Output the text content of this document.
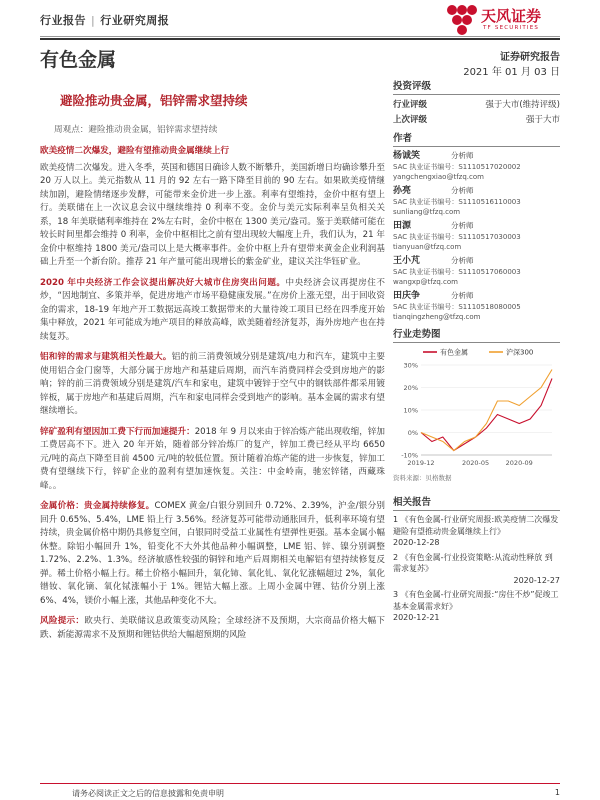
行业报告 | 行业研究周报	天风证券
TF SECURITIES
有色金属	证券研究报告
2021 年 01 月 03 日
避险推动贵金属，铝锌需求望持续
投资评级
行业评级	强于大市(维持评级)
上次评级	强于大市
作者
杨诚笑	分析师
SAC 执业证书编号：S1110517020002
yangchengxiao@tfzq.com
孙亮	分析师
SAC 执业证书编号：S1110516110003
sunliang@tfzq.com
田源	分析师
SAC 执业证书编号：S1110517030003
tianyuan@tfzq.com
王小芃	分析师
SAC 执业证书编号：S1110517060003
wangxp@tfzq.com
田庆争	分析师
SAC 执业证书编号：S1110518080005
tianqingzheng@tfzq.com
行业走势图
-10%
0%
10%
20%
30%
2019-12	2020-05	2020-09
有色金属	沪深300
资料来源：贝格数据
相关报告
1 《有色金属-行业研究周报:欧美疫情二次爆发 避险有望推动贵金属继续上行》
2020-12-28
2 《有色金属-行业投资策略:从流动性释放 到需求复苏》
2020-12-27
3 《有色金属-行业研究周报:“房住不炒”促竣工 基本金属需求好》
2020-12-21
周观点：避险推动贵金属，铝锌需求望持续
欧美疫情二次爆发，避险有望推动贵金属继续上行
欧美疫情二次爆发。进入冬季，英国和德国日确诊人数不断攀升，美国新增日均确诊攀升至 20 万人以上。美元指数从 11 月的 92 左右一路下降至目前的 90 左右。如果欧美疫情继续加剧，避险情绪逐步发酵，可能带来金价进一步上涨。利率有望维持，金价中枢有望上行。美联储在上一次议息会议中继续维持 0 利率不变。金价与美元实际利率呈负相关关系，18 年美联储利率维持在 2%左右时，金价中枢在 1300 美元/盎司。鉴于美联储可能在较长时间里都会维持 0 利率，金价中枢相比之前有望出现较大幅度上升，我们认为，21 年金价中枢维持 1800 美元/盎司以上是大概率事件。金价中枢上升有望带来黄金企业利润基础上升至一个新台阶。推荐 21 年产量可能出现增长的紫金矿业，建议关注华钰矿业。
2020 年中央经济工作会议提出解决好大城市住房突出问题。中央经济会议再提房住不炒，“因地制宜、多策并举，促进房地产市场平稳健康发展。”在房价上涨无望，出于回收资金的需求，18-19 年地产开工数据远高竣工数据带来的大量待竣工项目已经在四季度开始集中释放，2021 年可能成为地产项目的释放高峰，欧美随着经济复苏，海外房地产也在持续复苏。
铝和锌的需求与建筑相关性最大。铝的前三消费领域分别是建筑/电力和汽车，建筑中主要使用铝合金门窗等，大部分属于房地产和基建后周期，而汽车消费同样会受到房地产的影响；锌的前三消费领域分别是建筑/汽车和家电，建筑中镀锌于空气中的钢铁部件都采用镀锌板，属于房地产和基建后周期，汽车和家电同样会受到地产的影响。基本金属的需求有望继续增长。
锌矿盈利有望因加工费下行而加速提升：2018 年 9 月以来由于锌冶炼产能出现收缩，锌加工费居高不下。进入 20 年开始，随着部分锌冶炼厂的复产，锌加工费已经从平均 6650 元/吨的高点下降至目前 4500 元/吨的较低位置。预计随着冶炼产能的进一步恢复，锌加工费有望继续下行，锌矿企业的盈利有望加速恢复。关注：中金岭南，驰宏锌锗，西藏珠峰。。
金属价格：贵金属持续修复。COMEX 黄金/白银分别回升 0.72%、2.39%，沪金/银分别回升 0.65%、5.4%，LME 铅上行 3.56%。经济复苏可能带动通胀回升，低利率环境有望持续，贵金属价格中期仍具修复空间，白银同时受益工业属性有望弹性更强。基本金属小幅休整。除铝小幅回升 1%，铅变化不大外其他品种小幅调整，LME 铝、锌、镍分别调整 1.72%、2.2%、1.3%。经济敏感性较强的铜锌和地产后周期相关电解铝有望持续修复反弹。稀土价格小幅上行。稀土价格小幅回升，氧化铈、氧化钆、氧化钇涨幅超过 2%，氧化镨钕、氧化镝、氧化铽涨幅小于 1%。锂钴大幅上涨。上周小金属中锂、钴价分别上涨 6%、4%，镁价小幅上涨，其他品种变化不大。
风险提示：欧央行、美联储议息政策变动风险；全球经济不及预期，大宗商品价格大幅下跌、新能源需求不及预期和锂钴供给大幅超预期的风险
请务必阅读正文之后的信息披露和免责申明	1
